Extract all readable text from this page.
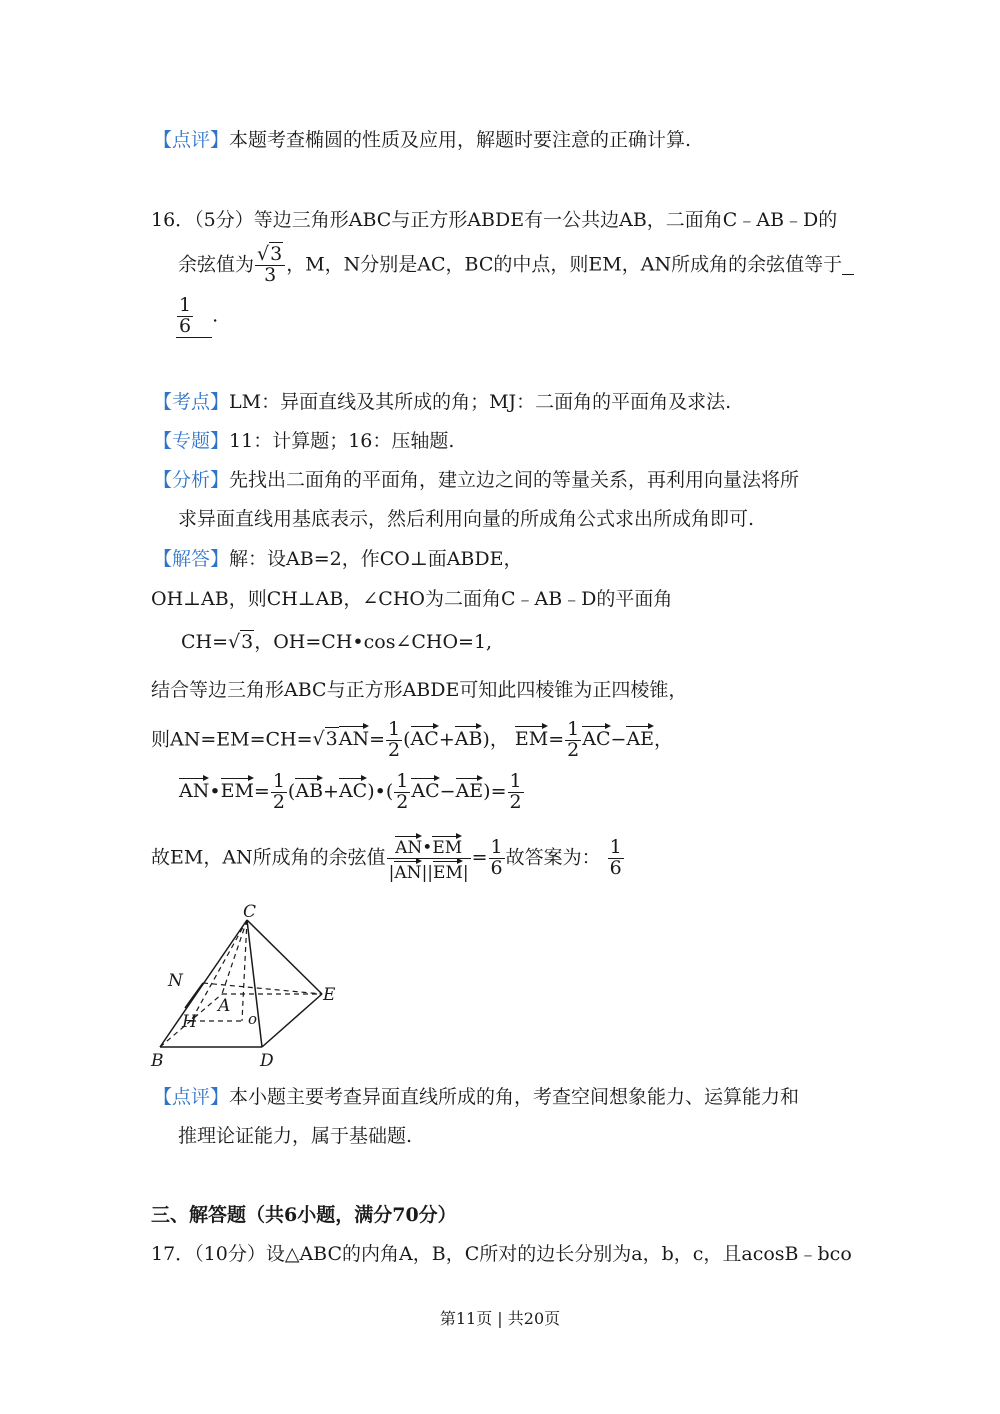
【点评】本题考查椭圆的性质及应用，解题时要注意的正确计算.
16．（5分）等边三角形ABC与正方形ABDE有一公共边AB，二面角C﹣AB﹣D的
余弦值为 $\frac{√3}{3}$ ，M，N分别是AC，BC的中点，则EM，AN所成角的余弦值等于
$\frac{1}{6}$ .
【考点】LM：异面直线及其所成的角；MJ：二面角的平面角及求法.
【专题】11：计算题；16：压轴题.
【分析】先找出二面角的平面角，建立边之间的等量关系，再利用向量法将所
求异面直线用基底表示，然后利用向量的所成角公式求出所成角即可.
【解答】解：设AB=2，作CO⊥面ABDE，
OH⊥AB，则CH⊥AB，∠CHO为二面角C﹣AB﹣D的平面角
CH=√3，OH=CH•cos∠CHO=1,
结合等边三角形ABC与正方形ABDE可知此四棱锥为正四棱锥，
则$AN=EM=CH=√3AN= \frac{1}{2} (AC+AB)$， $EM= \frac{1}{2} AC-AE$，
AN•EM= $\frac{1}{2}$ (AB+AC)•( $\frac{1}{2} AC-AE)= \frac{1}{2}$
故EM，AN所成角的余弦值 $\frac{AN•EM}{|AN||EM|} = \frac{1}{6}$ 故答案为： $\frac{1}{6}$
C
N
E
A
H	o
B	D
【点评】本小题主要考查异面直线所成的角，考查空间想象能力、运算能力和
推理论证能力，属于基础题.
三、解答题（共6小题，满分70分）
17．（10分）设△ABC的内角A，B，C所对的边长分别为a，b，c，且acosB﹣bco
第11页 | 共20页
